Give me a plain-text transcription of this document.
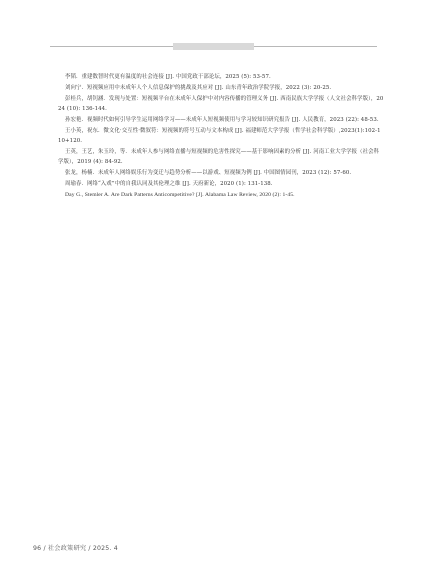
李韬．重建数智时代更有温度的社会连接 [J]. 中国党政干部论坛，2025 (5): 53-57.
刘向宁．短视频应用中未成年人个人信息保护的挑战及其应对 [J]. 山东青年政治学院学报，2022 (3): 20-25.
彭桂兵，胡钊涵．发现与处置：短视频平台在未成年人保护中对内容传播的管理义务 [J]. 西南民族大学学报（人文社会科学版），2024 (10): 136-144.
孙宏艳．视频时代如何引导学生运用网络学习——未成年人短视频使用与学习较知识研究报告 [J]. 人民教育，2023 (22): 48-53.
王小英，祝东．微文化·交互性·微叙符：短视频的符号互动与文本构成 [J]. 福建师范大学学报（哲学社会科学版）,2023(1):102-110+120.
王英，王艺，朱玉玲，等．未成年人参与网络直播与短视频的危害性探究——基于影响因素的分析 [J]. 河南工业大学学报（社会科学版），2019 (4): 84-92.
张龙，杨楠．未成年人网络娱乐行为变迁与趋势分析——以游戏、短视频为例 [J]. 中国图情园刊，2023 (12): 57-60.
周瑜春．网络“入戏”中的自我认同及其伦理之维 [J]. 天府新论，2020 (1): 131-138.
Day G., Stemler A. Are Dark Patterns Anticompetitive? [J]. Alabama Law Review, 2020 (2): 1-45.
96 / 社会政策研究 / 2025. 4
